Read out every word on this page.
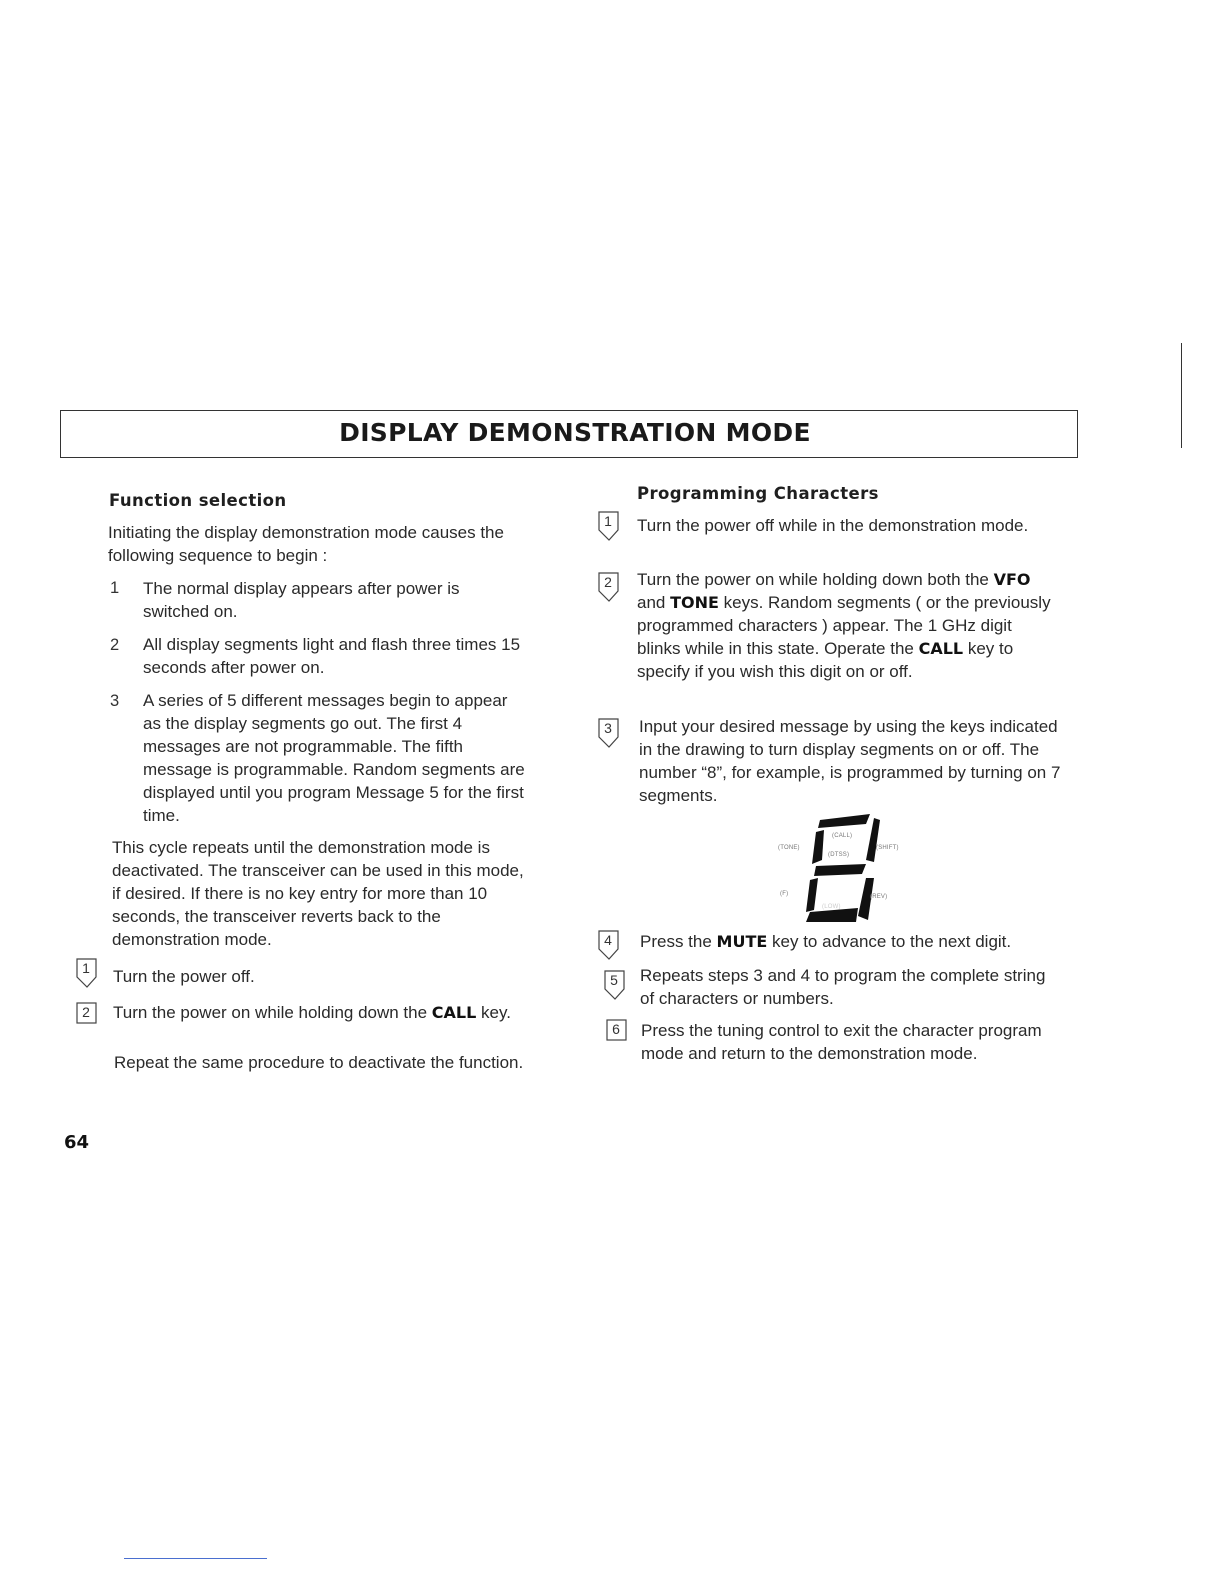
DISPLAY DEMONSTRATION MODE
Function selection
Initiating the display demonstration mode causes the following sequence to begin :
1 The normal display appears after power is switched on.
2 All display segments light and flash three times 15 seconds after power on.
3 A series of 5 different messages begin to appear as the display segments go out. The first 4 messages are not programmable. The fifth message is programmable. Random segments are displayed until you program Message 5 for the first time.
This cycle repeats until the demonstration mode is deactivated. The transceiver can be used in this mode, if desired. If there is no key entry for more than 10 seconds, the transceiver reverts back to the demonstration mode.
1	Turn the power off.
2	Turn the power on while holding down the CALL key.
Repeat the same procedure to deactivate the function.
64
Programming Characters
1	Turn the power off while in the demonstration mode.
2	Turn the power on while holding down both the VFO and TONE keys. Random segments ( or the previously programmed characters ) appear. The 1 GHz digit blinks while in this state. Operate the CALL key to specify if you wish this digit on or off.
3	Input your desired message by using the keys indicated in the drawing to turn display segments on or off. The number “8”, for example, is programmed by turning on 7 segments.
(TONE)
(CALL)
(SHIFT)
(DTSS)
(F)	(REV)
(LOW)
4	Press the MUTE key to advance to the next digit.
5	Repeats steps 3 and 4 to program the complete string of characters or numbers.
6	Press the tuning control to exit the character program mode and return to the demonstration mode.
